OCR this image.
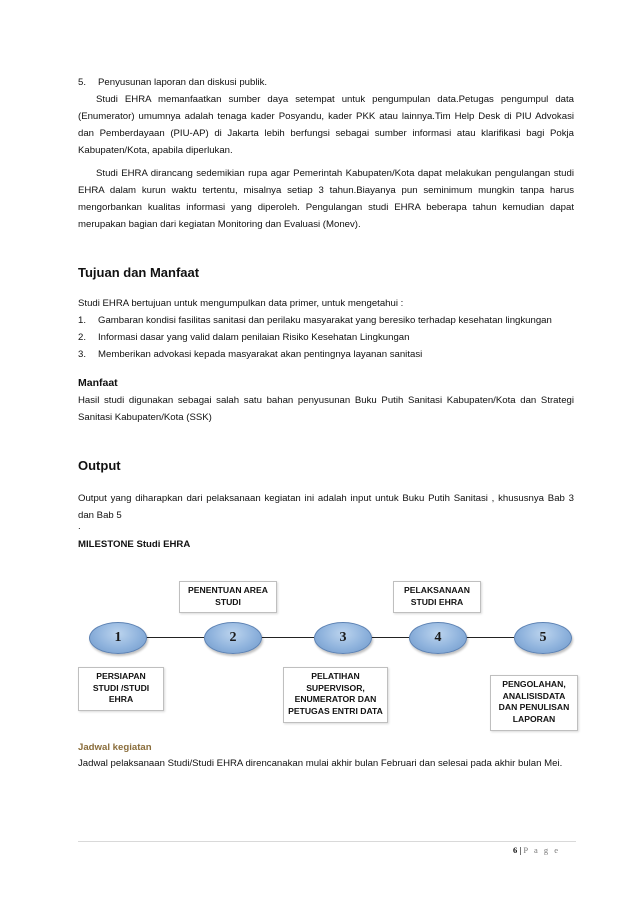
5. Penyusunan laporan dan diskusi publik.
Studi EHRA memanfaatkan sumber daya setempat untuk pengumpulan data.Petugas pengumpul data (Enumerator) umumnya adalah tenaga kader Posyandu, kader PKK atau lainnya.Tim Help Desk di PIU Advokasi dan Pemberdayaan (PIU-AP) di Jakarta lebih berfungsi sebagai sumber informasi atau klarifikasi bagi Pokja Kabupaten/Kota, apabila diperlukan.
Studi EHRA dirancang sedemikian rupa agar Pemerintah Kabupaten/Kota dapat melakukan pengulangan studi EHRA dalam kurun waktu tertentu, misalnya setiap 3 tahun.Biayanya pun seminimum mungkin tanpa harus mengorbankan kualitas informasi yang diperoleh. Pengulangan studi EHRA beberapa tahun kemudian dapat merupakan bagian dari kegiatan Monitoring dan Evaluasi (Monev).
Tujuan dan Manfaat
Studi EHRA bertujuan untuk mengumpulkan data primer, untuk mengetahui :
1. Gambaran kondisi fasilitas sanitasi dan perilaku masyarakat yang beresiko terhadap kesehatan lingkungan
2. Informasi dasar yang valid dalam penilaian Risiko Kesehatan Lingkungan
3. Memberikan advokasi kepada masyarakat akan pentingnya layanan sanitasi
Manfaat
Hasil studi digunakan sebagai salah satu bahan penyusunan Buku Putih Sanitasi Kabupaten/Kota dan Strategi Sanitasi Kabupaten/Kota (SSK)
Output
Output yang diharapkan dari pelaksanaan kegiatan ini adalah input untuk Buku Putih Sanitasi , khususnya Bab 3 dan Bab 5
.
MILESTONE Studi EHRA
1	2	3	4	5
PENENTUAN AREA STUDI
PELAKSANAAN STUDI EHRA
PERSIAPAN STUDI /STUDI EHRA
PELATIHAN SUPERVISOR, ENUMERATOR DAN PETUGAS ENTRI DATA
PENGOLAHAN, ANALISISDATA DAN PENULISAN LAPORAN
Jadwal kegiatan
Jadwal pelaksanaan Studi/Studi EHRA direncanakan mulai akhir bulan Februari dan selesai pada akhir bulan Mei.
6 | P a g e
